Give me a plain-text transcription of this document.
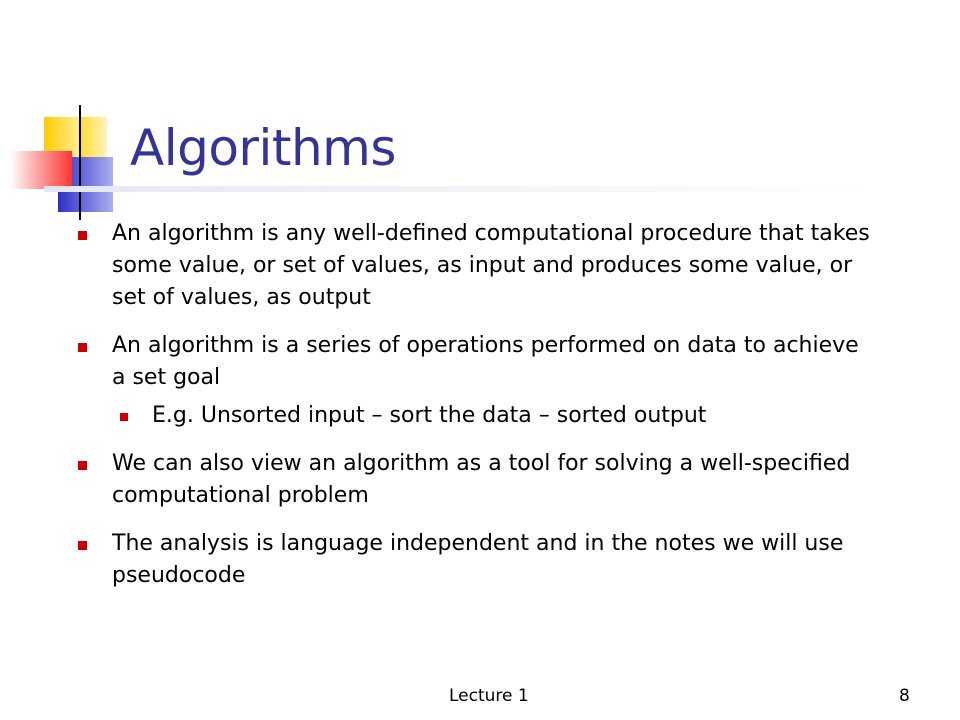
Algorithms
An algorithm is any well-defined computational procedure that takes some value, or set of values, as input and produces some value, or set of values, as output
An algorithm is a series of operations performed on data to achieve a set goal
E.g. Unsorted input – sort the data – sorted output
We can also view an algorithm as a tool for solving a well-specified computational problem
The analysis is language independent and in the notes we will use pseudocode
Lecture 1	8
